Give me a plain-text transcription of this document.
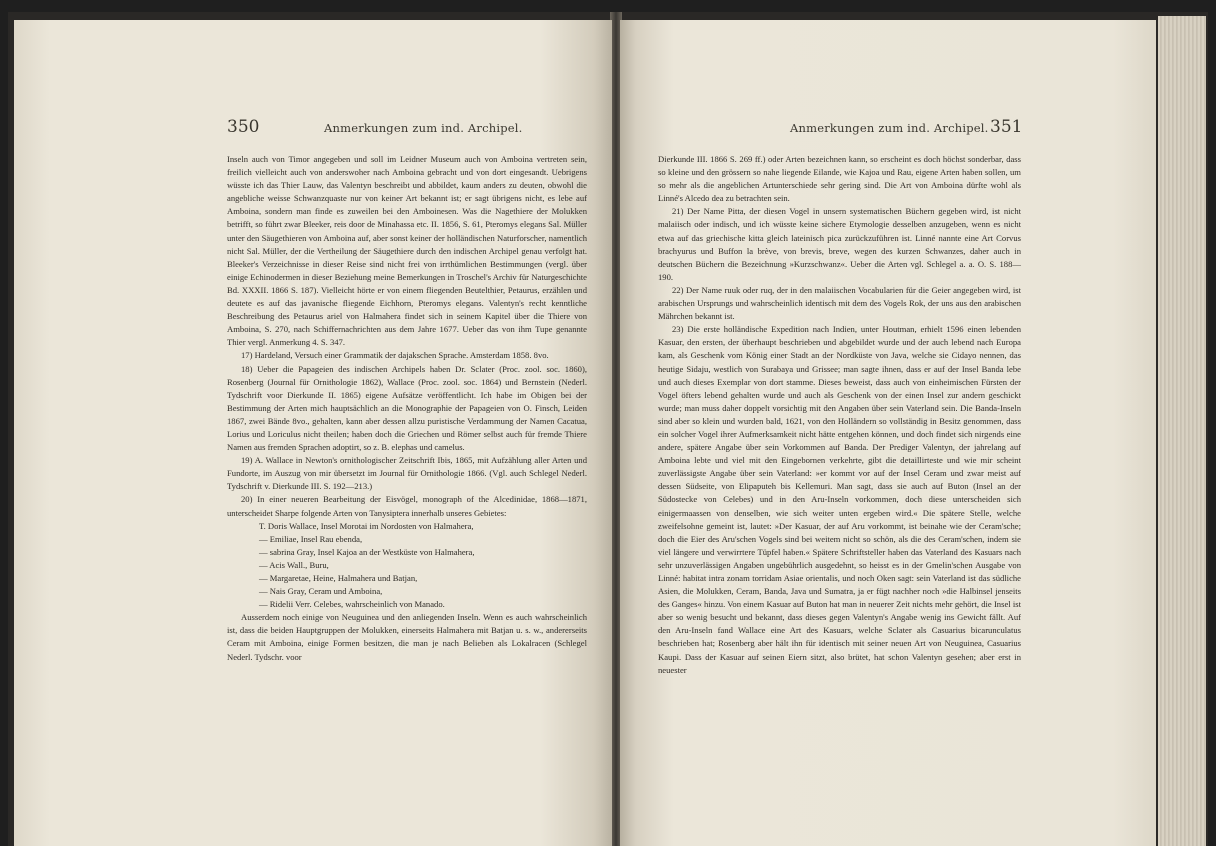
350	Anmerkungen zum ind. Archipel.

Inseln auch von Timor angegeben und soll im Leidner Museum auch von Amboina vertreten sein, freilich vielleicht auch von anderswoher nach Amboina gebracht und von dort eingesandt. Uebrigens wüsste ich das Thier Lauw, das Valentyn beschreibt und abbildet, kaum anders zu deuten, obwohl die angebliche weisse Schwanzquaste nur von keiner Art bekannt ist; er sagt übrigens nicht, es lebe auf Amboina, sondern man finde es zuweilen bei den Amboinesen. Was die Nagethiere der Molukken betrifft, so führt zwar Bleeker, reis door de Minahassa etc. II. 1856, S. 61, Pteromys elegans Sal. Müller unter den Säugethieren von Amboina auf, aber sonst keiner der holländischen Naturforscher, namentlich nicht Sal. Müller, der die Vertheilung der Säugethiere durch den indischen Archipel genau verfolgt hat. Bleeker's Verzeichnisse in dieser Reise sind nicht frei von irrthümlichen Bestimmungen (vergl. über einige Echinodermen in dieser Beziehung meine Bemerkungen in Troschel's Archiv für Naturgeschichte Bd. XXXII. 1866 S. 187). Vielleicht hörte er von einem fliegenden Beutelthier, Petaurus, erzählen und deutete es auf das javanische fliegende Eichhorn, Pteromys elegans. Valentyn's recht kenntliche Beschreibung des Petaurus ariel von Halmahera findet sich in seinem Kapitel über die Thiere von Amboina, S. 270, nach Schiffernachrichten aus dem Jahre 1677. Ueber das von ihm Tupe genannte Thier vergl. Anmerkung 4. S. 347.

17) Hardeland, Versuch einer Grammatik der dajakschen Sprache. Amsterdam 1858. 8vo.

18) Ueber die Papageien des indischen Archipels haben Dr. Sclater (Proc. zool. soc. 1860), Rosenberg (Journal für Ornithologie 1862), Wallace (Proc. zool. soc. 1864) und Bernstein (Nederl. Tydschrift voor Dierkunde II. 1865) eigene Aufsätze veröffentlicht. Ich habe im Obigen bei der Bestimmung der Arten mich hauptsächlich an die Monographie der Papageien von O. Finsch, Leiden 1867, zwei Bände 8vo., gehalten, kann aber dessen allzu puristische Verdammung der Namen Cacatua, Lorius und Loriculus nicht theilen; haben doch die Griechen und Römer selbst auch für fremde Thiere Namen aus fremden Sprachen adoptirt, so z. B. elephas und camelus.

19) A. Wallace in Newton's ornithologischer Zeitschrift Ibis, 1865, mit Aufzählung aller Arten und Fundorte, im Auszug von mir übersetzt im Journal für Ornithologie 1866. (Vgl. auch Schlegel Nederl. Tydschrift v. Dierkunde III. S. 192—213.)

20) In einer neueren Bearbeitung der Eisvögel, monograph of the Alcedinidae, 1868—1871, unterscheidet Sharpe folgende Arten von Tanysiptera innerhalb unseres Gebietes:

T. Doris Wallace, Insel Morotai im Nordosten von Halmahera,

— Emiliae, Insel Rau ebenda,

— sabrina Gray, Insel Kajoa an der Westküste von Halmahera,

— Acis Wall., Buru,

— Margaretae, Heine, Halmahera und Batjan,

— Nais Gray, Ceram und Amboina,

— Ridelii Verr. Celebes, wahrscheinlich von Manado.

Ausserdem noch einige von Neuguinea und den anliegenden Inseln. Wenn es auch wahrscheinlich ist, dass die beiden Hauptgruppen der Molukken, einerseits Halmahera mit Batjan u. s. w., andererseits Ceram mit Amboina, einige Formen besitzen, die man je nach Belieben als Lokalracen (Schlegel Nederl. Tydschr. voor

Anmerkungen zum ind. Archipel. 351

Dierkunde III. 1866 S. 269 ff.) oder Arten bezeichnen kann, so erscheint es doch höchst sonderbar, dass so kleine und den grössern so nahe liegende Eilande, wie Kajoa und Rau, eigene Arten haben sollen, um so mehr als die angeblichen Artunterschiede sehr gering sind. Die Art von Amboina dürfte wohl als Linné's Alcedo dea zu betrachten sein.

21) Der Name Pitta, der diesen Vogel in unsern systematischen Büchern gegeben wird, ist nicht malaiisch oder indisch, und ich wüsste keine sichere Etymologie desselben anzugeben, wenn es nicht etwa auf das griechische kitta gleich lateinisch pica zurückzuführen ist. Linné nannte eine Art Corvus brachyurus und Buffon la brève, von brevis, breve, wegen des kurzen Schwanzes, daher auch in deutschen Büchern die Bezeichnung »Kurzschwanz«. Ueber die Arten vgl. Schlegel a. a. O. S. 188—190.

22) Der Name ruuk oder ruq, der in den malaiischen Vocabularien für die Geier angegeben wird, ist arabischen Ursprungs und wahrscheinlich identisch mit dem des Vogels Rok, der uns aus den arabischen Mährchen bekannt ist.

23) Die erste holländische Expedition nach Indien, unter Houtman, erhielt 1596 einen lebenden Kasuar, den ersten, der überhaupt beschrieben und abgebildet wurde und der auch lebend nach Europa kam, als Geschenk vom König einer Stadt an der Nordküste von Java, welche sie Cidayo nennen, das heutige Sidaju, westlich von Surabaya und Grissee; man sagte ihnen, dass er auf der Insel Banda lebe und auch dieses Exemplar von dort stamme. Dieses beweist, dass auch von einheimischen Fürsten der Vogel öfters lebend gehalten wurde und auch als Geschenk von der einen Insel zur andern geschickt wurde; man muss daher doppelt vorsichtig mit den Angaben über sein Vaterland sein. Die Banda-Inseln sind aber so klein und wurden bald, 1621, von den Holländern so vollständig in Besitz genommen, dass ein solcher Vogel ihrer Aufmerksamkeit nicht hätte entgehen können, und doch findet sich nirgends eine andere, spätere Angabe über sein Vorkommen auf Banda. Der Prediger Valentyn, der jahrelang auf Amboina lebte und viel mit den Eingebornen verkehrte, gibt die detaillirteste und wie mir scheint zuverlässigste Angabe über sein Vaterland: »er kommt vor auf der Insel Ceram und zwar meist auf dessen Südseite, von Elipaputeh bis Kellemuri. Man sagt, dass sie auch auf Buton (Insel an der Südostecke von Celebes) und in den Aru-Inseln vorkommen, doch diese unterscheiden sich einigermaassen von denselben, wie sich weiter unten ergeben wird.« Die spätere Stelle, welche zweifelsohne gemeint ist, lautet: »Der Kasuar, der auf Aru vorkommt, ist beinahe wie der Ceram'sche; doch die Eier des Aru'schen Vogels sind bei weitem nicht so schön, als die des Ceram'schen, indem sie viel längere und verwirrtere Tüpfel haben.« Spätere Schriftsteller haben das Vaterland des Kasuars nach sehr unzuverlässigen Angaben ungebührlich ausgedehnt, so heisst es in der Gmelin'schen Ausgabe von Linné: habitat intra zonam torridam Asiae orientalis, und noch Oken sagt: sein Vaterland ist das südliche Asien, die Molukken, Ceram, Banda, Java und Sumatra, ja er fügt nachher noch »die Halbinsel jenseits des Ganges« hinzu. Von einem Kasuar auf Buton hat man in neuerer Zeit nichts mehr gehört, die Insel ist aber so wenig besucht und bekannt, dass dieses gegen Valentyn's Angabe wenig ins Gewicht fällt. Auf den Aru-Inseln fand Wallace eine Art des Kasuars, welche Sclater als Casuarius bicarunculatus beschrieben hat; Rosenberg aber hält ihn für identisch mit seiner neuen Art von Neuguinea, Casuarius Kaupi. Dass der Kasuar auf seinen Eiern sitzt, also brütet, hat schon Valentyn gesehen; aber erst in neuester
